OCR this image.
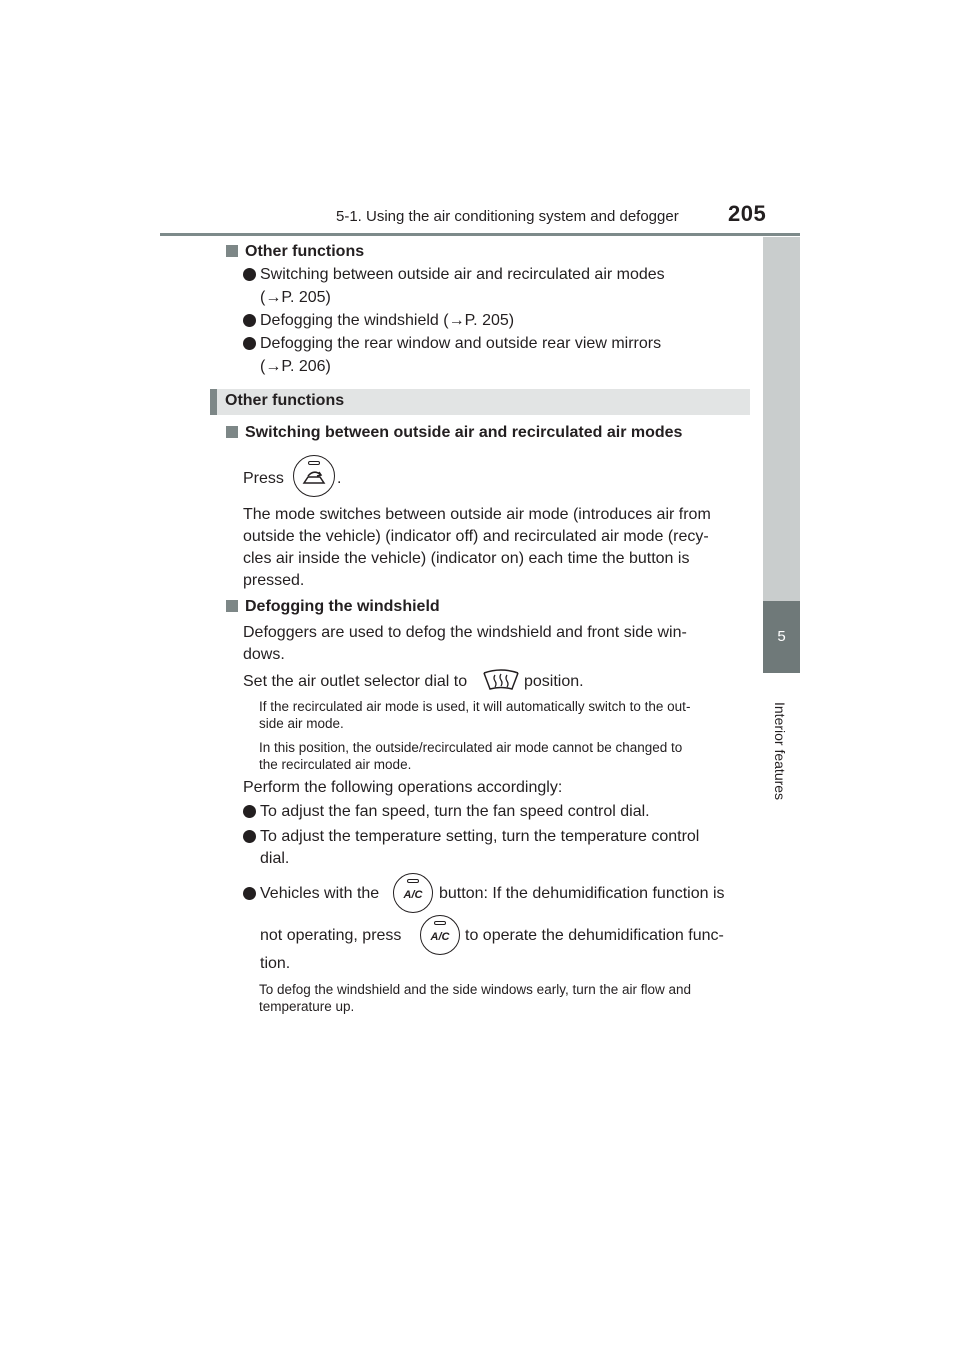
5-1. Using the air conditioning system and defogger 205
5
Interior features
Other functions
Switching between outside air and recirculated air modes
(→P. 205)
Defogging the windshield (→P. 205)
Defogging the rear window and outside rear view mirrors
(→P. 206)
Other functions
Switching between outside air and recirculated air modes
Press	.
The mode switches between outside air mode (introduces air from
outside the vehicle) (indicator off) and recirculated air mode (recy-
cles air inside the vehicle) (indicator on) each time the button is
pressed.
Defogging the windshield
Defoggers are used to defog the windshield and front side win-
dows.
Set the air outlet selector dial to	position.
If the recirculated air mode is used, it will automatically switch to the out-
side air mode.
In this position, the outside/recirculated air mode cannot be changed to
the recirculated air mode.
Perform the following operations accordingly:
To adjust the fan speed, turn the fan speed control dial.
To adjust the temperature setting, turn the temperature control
dial.
Vehicles with the	A/C	button: If the dehumidification function is
not operating, press	A/C to operate the dehumidification func-
tion.
To defog the windshield and the side windows early, turn the air flow and
temperature up.
